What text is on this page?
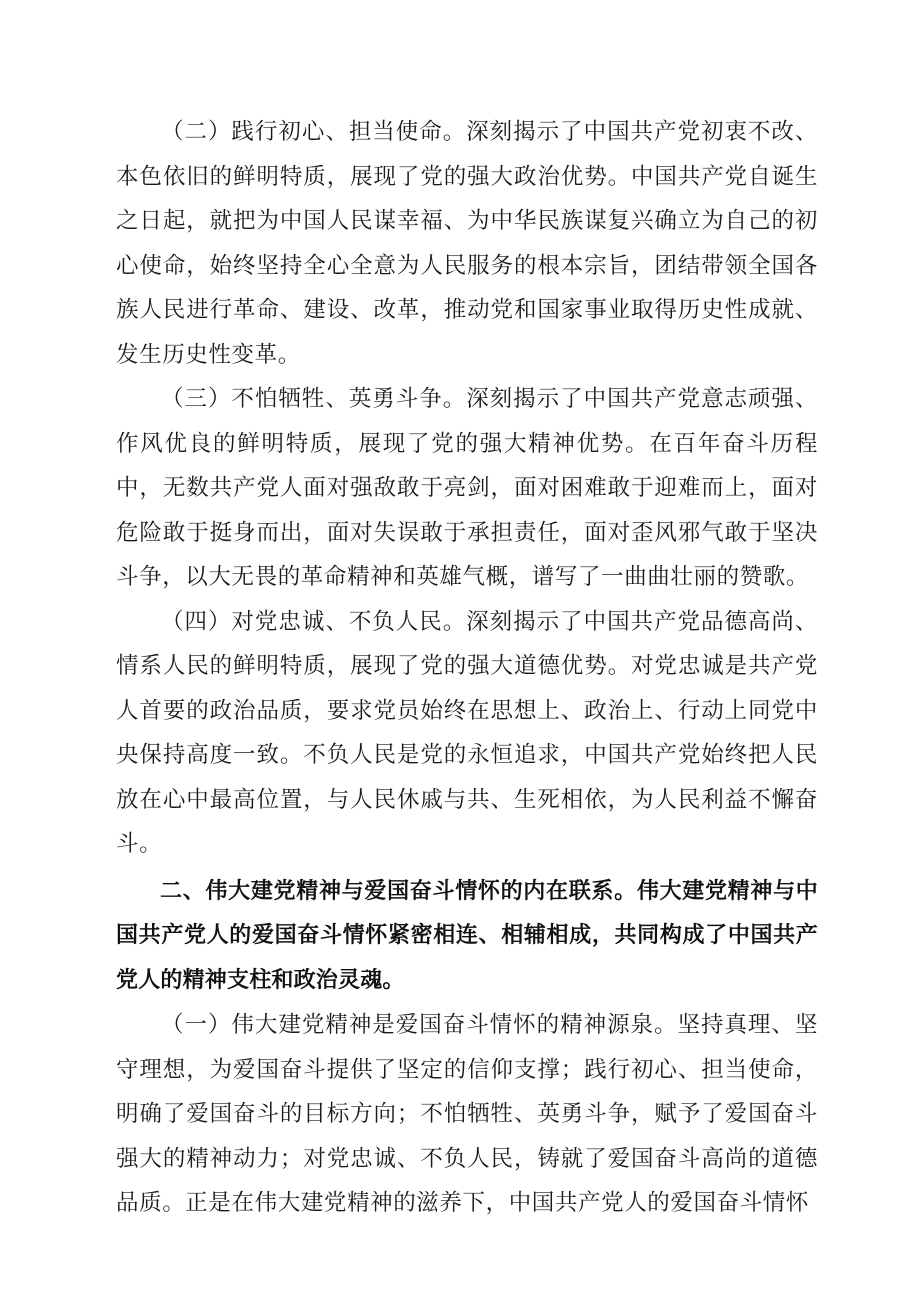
（二）践行初心、担当使命。深刻揭示了中国共产党初衷不改、本色依旧的鲜明特质，展现了党的强大政治优势。中国共产党自诞生之日起，就把为中国人民谋幸福、为中华民族谋复兴确立为自己的初心使命，始终坚持全心全意为人民服务的根本宗旨，团结带领全国各族人民进行革命、建设、改革，推动党和国家事业取得历史性成就、发生历史性变革。

（三）不怕牺牲、英勇斗争。深刻揭示了中国共产党意志顽强、作风优良的鲜明特质，展现了党的强大精神优势。在百年奋斗历程中，无数共产党人面对强敌敢于亮剑，面对困难敢于迎难而上，面对危险敢于挺身而出，面对失误敢于承担责任，面对歪风邪气敢于坚决斗争，以大无畏的革命精神和英雄气概，谱写了一曲曲壮丽的赞歌。

（四）对党忠诚、不负人民。深刻揭示了中国共产党品德高尚、情系人民的鲜明特质，展现了党的强大道德优势。对党忠诚是共产党人首要的政治品质，要求党员始终在思想上、政治上、行动上同党中央保持高度一致。不负人民是党的永恒追求，中国共产党始终把人民放在心中最高位置，与人民休戚与共、生死相依，为人民利益不懈奋斗。

二、伟大建党精神与爱国奋斗情怀的内在联系。伟大建党精神与中国共产党人的爱国奋斗情怀紧密相连、相辅相成，共同构成了中国共产党人的精神支柱和政治灵魂。

（一）伟大建党精神是爱国奋斗情怀的精神源泉。坚持真理、坚守理想，为爱国奋斗提供了坚定的信仰支撑；践行初心、担当使命，明确了爱国奋斗的目标方向；不怕牺牲、英勇斗争，赋予了爱国奋斗强大的精神动力；对党忠诚、不负人民，铸就了爱国奋斗高尚的道德品质。正是在伟大建党精神的滋养下，中国共产党人的爱国奋斗情怀
